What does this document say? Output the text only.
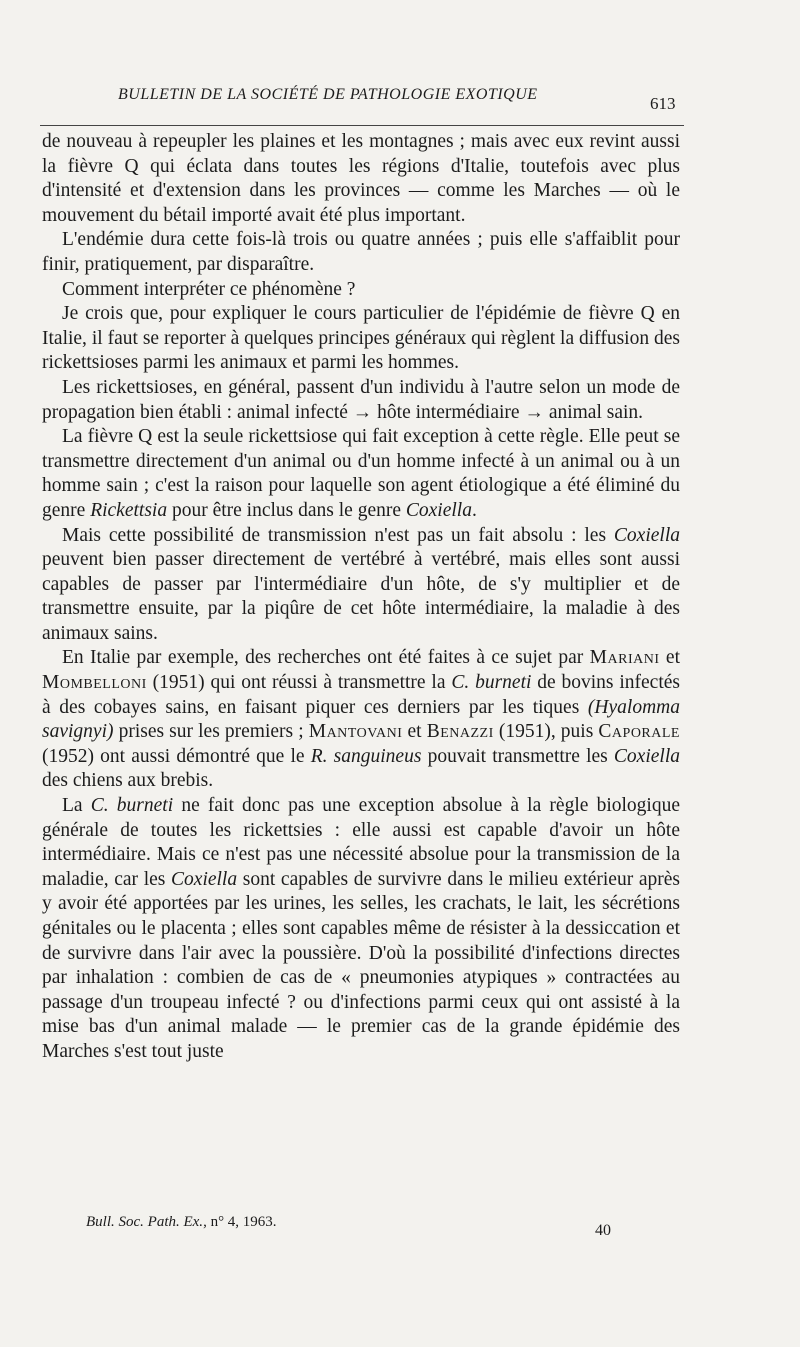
BULLETIN DE LA SOCIÉTÉ DE PATHOLOGIE EXOTIQUE	613

de nouveau à repeupler les plaines et les montagnes ; mais avec eux revint aussi la fièvre Q qui éclata dans toutes les régions d'Italie, toutefois avec plus d'intensité et d'extension dans les provinces — comme les Marches — où le mouvement du bétail importé avait été plus important.

L'endémie dura cette fois-là trois ou quatre années ; puis elle s'affaiblit pour finir, pratiquement, par disparaître.

Comment interpréter ce phénomène ?

Je crois que, pour expliquer le cours particulier de l'épidémie de fièvre Q en Italie, il faut se reporter à quelques principes généraux qui règlent la diffusion des rickettsioses parmi les animaux et parmi les hommes.

Les rickettsioses, en général, passent d'un individu à l'autre selon un mode de propagation bien établi : animal infecté → hôte intermédiaire → animal sain.

La fièvre Q est la seule rickettsiose qui fait exception à cette règle. Elle peut se transmettre directement d'un animal ou d'un homme infecté à un animal ou à un homme sain ; c'est la raison pour laquelle son agent étiologique a été éliminé du genre Rickettsia pour être inclus dans le genre Coxiella.

Mais cette possibilité de transmission n'est pas un fait absolu : les Coxiella peuvent bien passer directement de vertébré à vertébré, mais elles sont aussi capables de passer par l'intermédiaire d'un hôte, de s'y multiplier et de transmettre ensuite, par la piqûre de cet hôte intermédiaire, la maladie à des animaux sains.

En Italie par exemple, des recherches ont été faites à ce sujet par Mariani et Mombelloni (1951) qui ont réussi à transmettre la C. burneti de bovins infectés à des cobayes sains, en faisant piquer ces derniers par les tiques (Hyalomma savignyi) prises sur les premiers ; Mantovani et Benazzi (1951), puis Caporale (1952) ont aussi démontré que le R. sanguineus pouvait transmettre les Coxiella des chiens aux brebis.

La C. burneti ne fait donc pas une exception absolue à la règle biologique générale de toutes les rickettsies : elle aussi est capable d'avoir un hôte intermédiaire. Mais ce n'est pas une nécessité absolue pour la transmission de la maladie, car les Coxiella sont capables de survivre dans le milieu extérieur après y avoir été apportées par les urines, les selles, les crachats, le lait, les sécrétions génitales ou le placenta ; elles sont capables même de résister à la dessiccation et de survivre dans l'air avec la poussière. D'où la possibilité d'infections directes par inhalation : combien de cas de « pneumonies atypiques » contractées au passage d'un troupeau infecté ? ou d'infections parmi ceux qui ont assisté à la mise bas d'un animal malade — le premier cas de la grande épidémie des Marches s'est tout juste

Bull. Soc. Path. Ex., n° 4, 1963.	40
